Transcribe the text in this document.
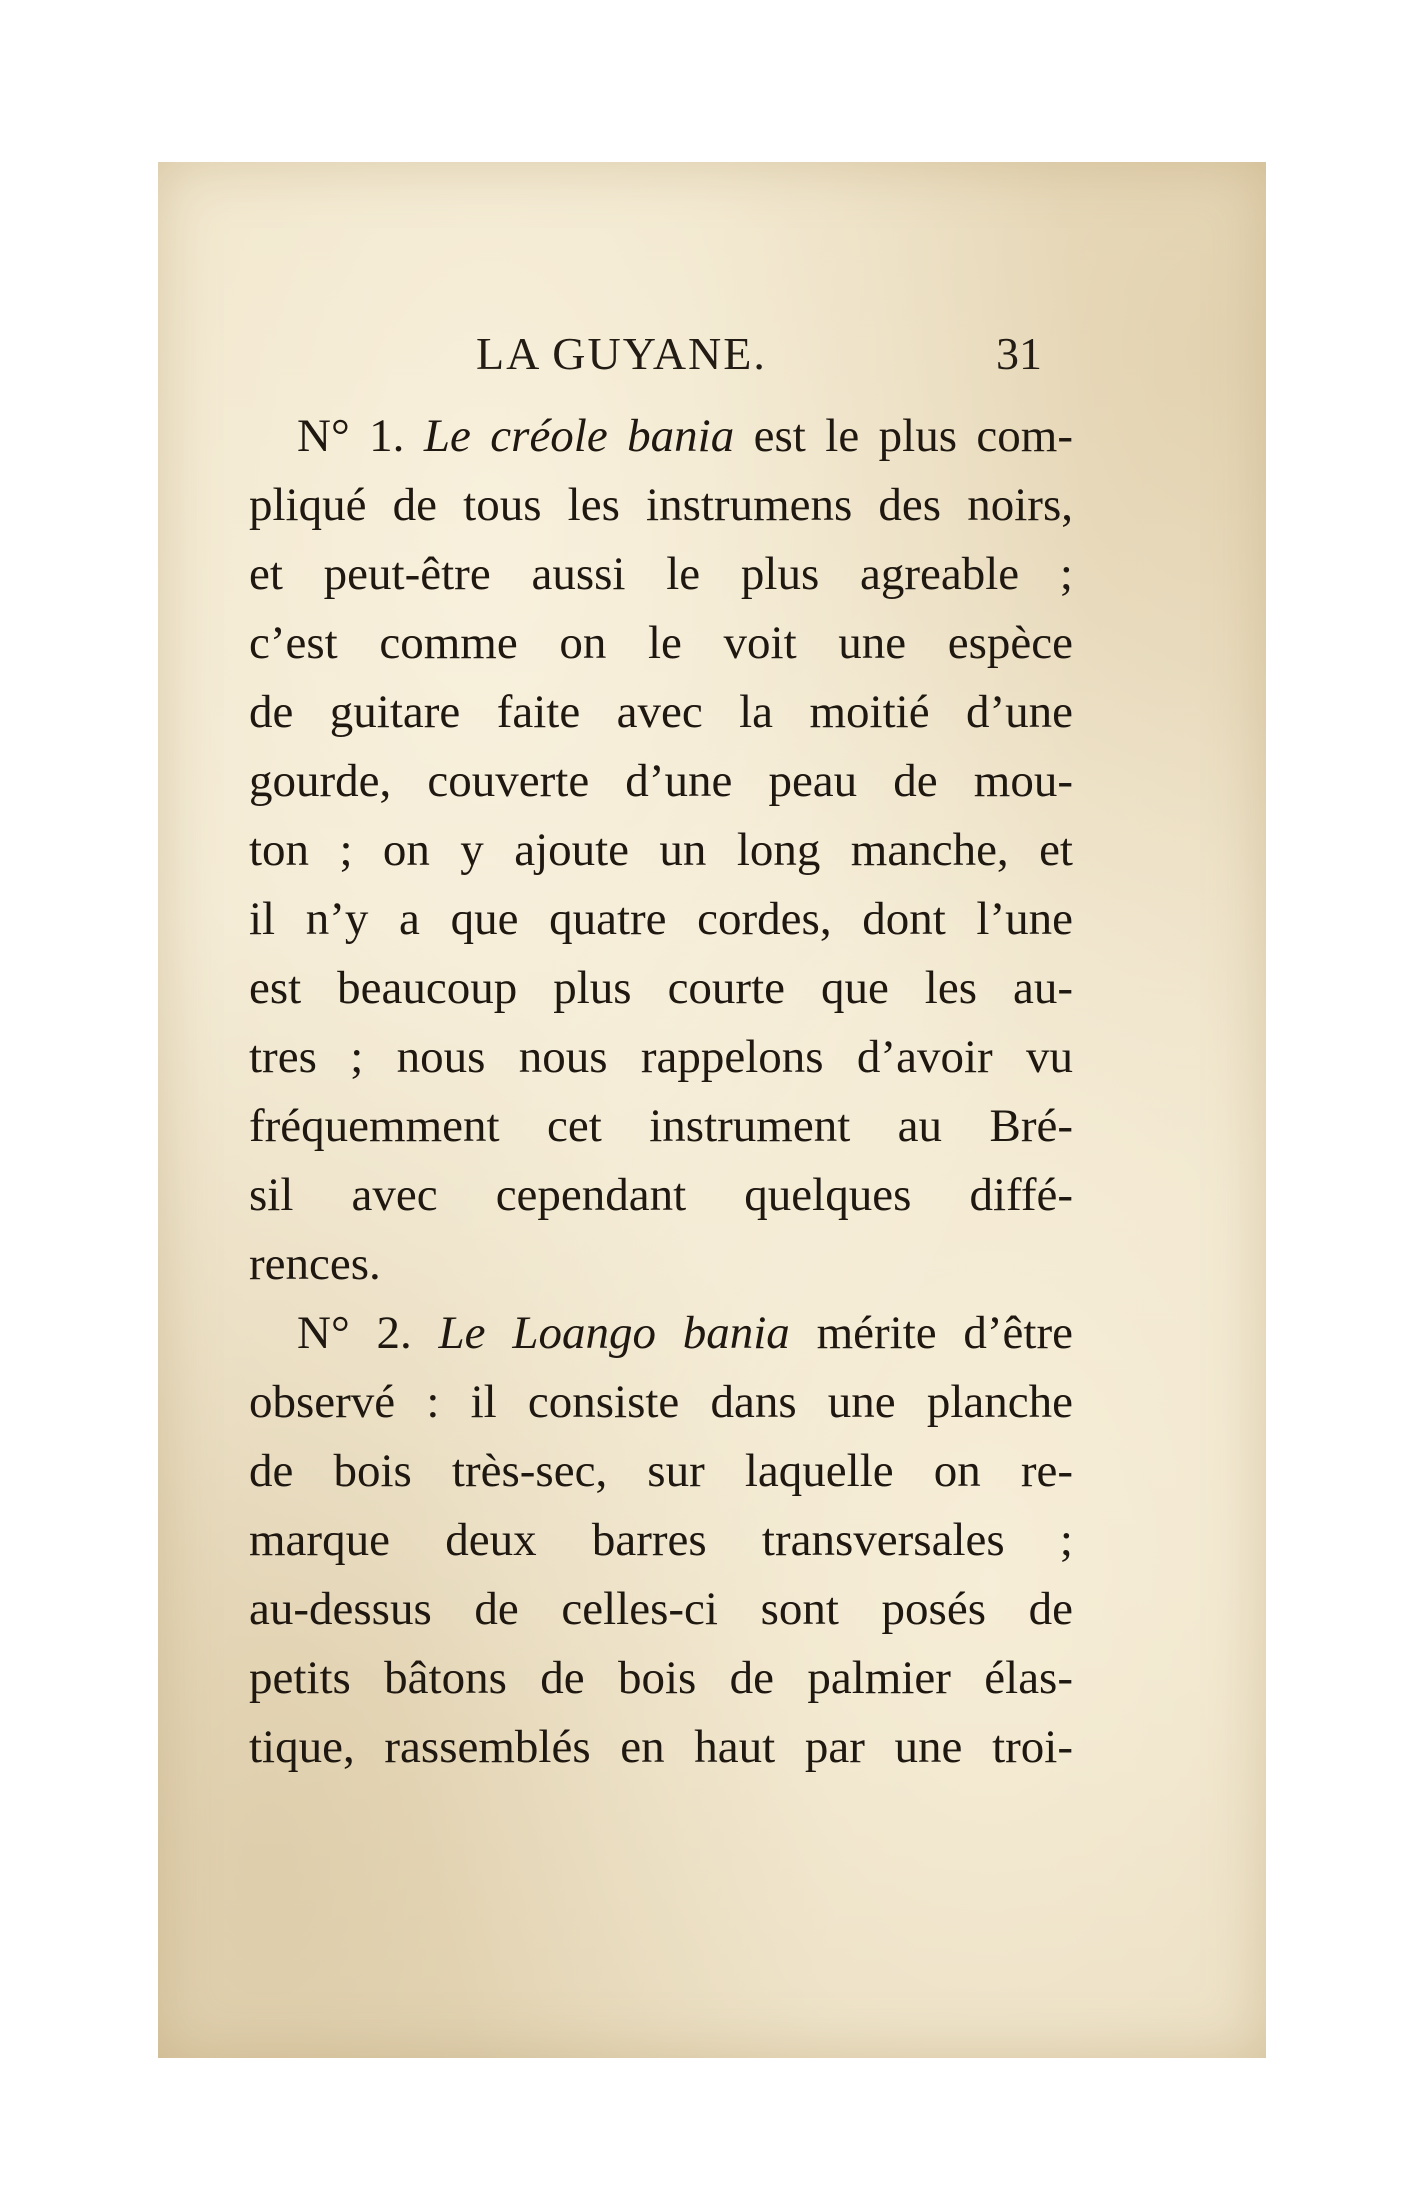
LA GUYANE.	31
N° 1. Le créole bania est le plus com-
pliqué de tous les instrumens des noirs,
et peut-être aussi le plus agreable ;
c’est comme on le voit une espèce
de guitare faite avec la moitié d’une
gourde, couverte d’une peau de mou-
ton ; on y ajoute un long manche, et
il n’y a que quatre cordes, dont l’une
est beaucoup plus courte que les au-
tres ; nous nous rappelons d’avoir vu
fréquemment cet instrument au Bré-
sil avec cependant quelques diffé-
rences.
N° 2. Le Loango bania mérite d’être
observé : il consiste dans une planche
de bois très-sec, sur laquelle on re-
marque deux barres transversales ;
au-dessus de celles-ci sont posés de
petits bâtons de bois de palmier élas-
tique, rassemblés en haut par une troi-
